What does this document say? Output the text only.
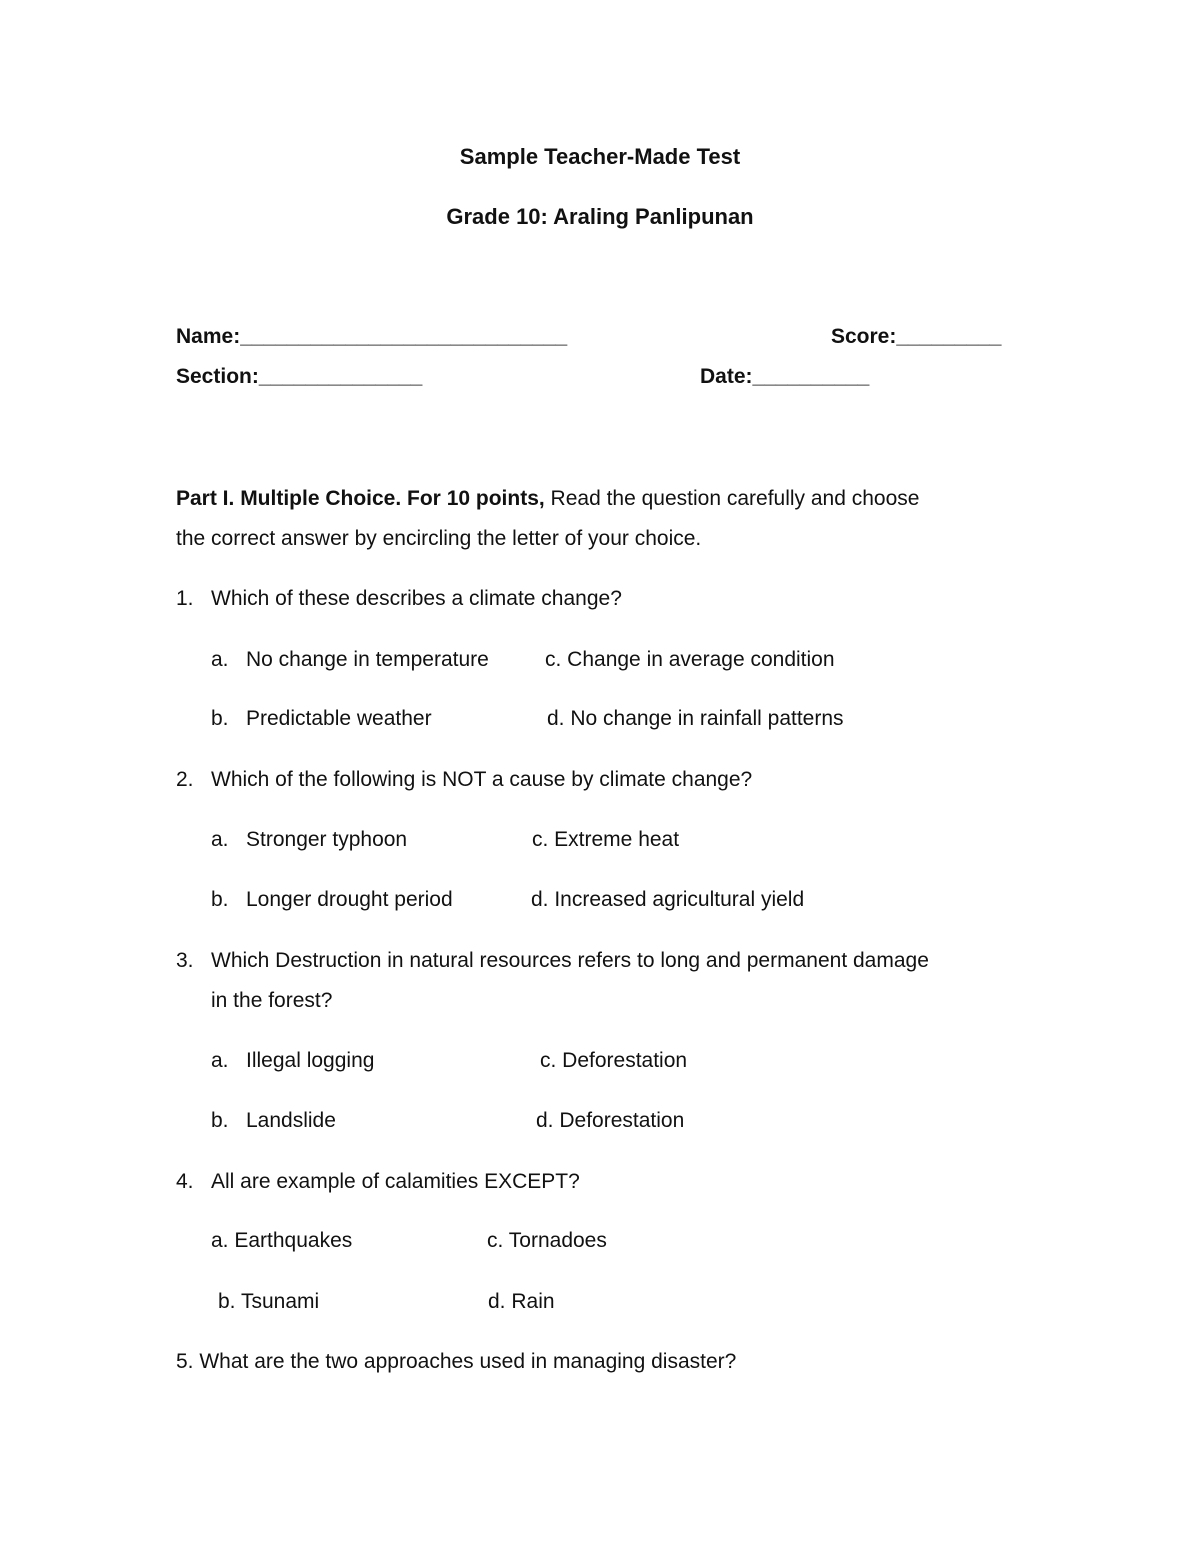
Sample Teacher-Made Test
Grade 10: Araling Panlipunan
Name:____________________________	Score:_________
Section:______________	Date:__________
Part I. Multiple Choice. For 10 points, Read the question carefully and choose
the correct answer by encircling the letter of your choice.
1. Which of these describes a climate change?
a. No change in temperature	c. Change in average condition
b. Predictable weather	d. No change in rainfall patterns
2. Which of the following is NOT a cause by climate change?
a. Stronger typhoon	c. Extreme heat
b. Longer drought period	d. Increased agricultural yield
3. Which Destruction in natural resources refers to long and permanent damage
in the forest?
a. Illegal logging	c. Deforestation
b. Landslide	d. Deforestation
4. All are example of calamities EXCEPT?
a. Earthquakes	c. Tornadoes
b. Tsunami	d. Rain
5. What are the two approaches used in managing disaster?
